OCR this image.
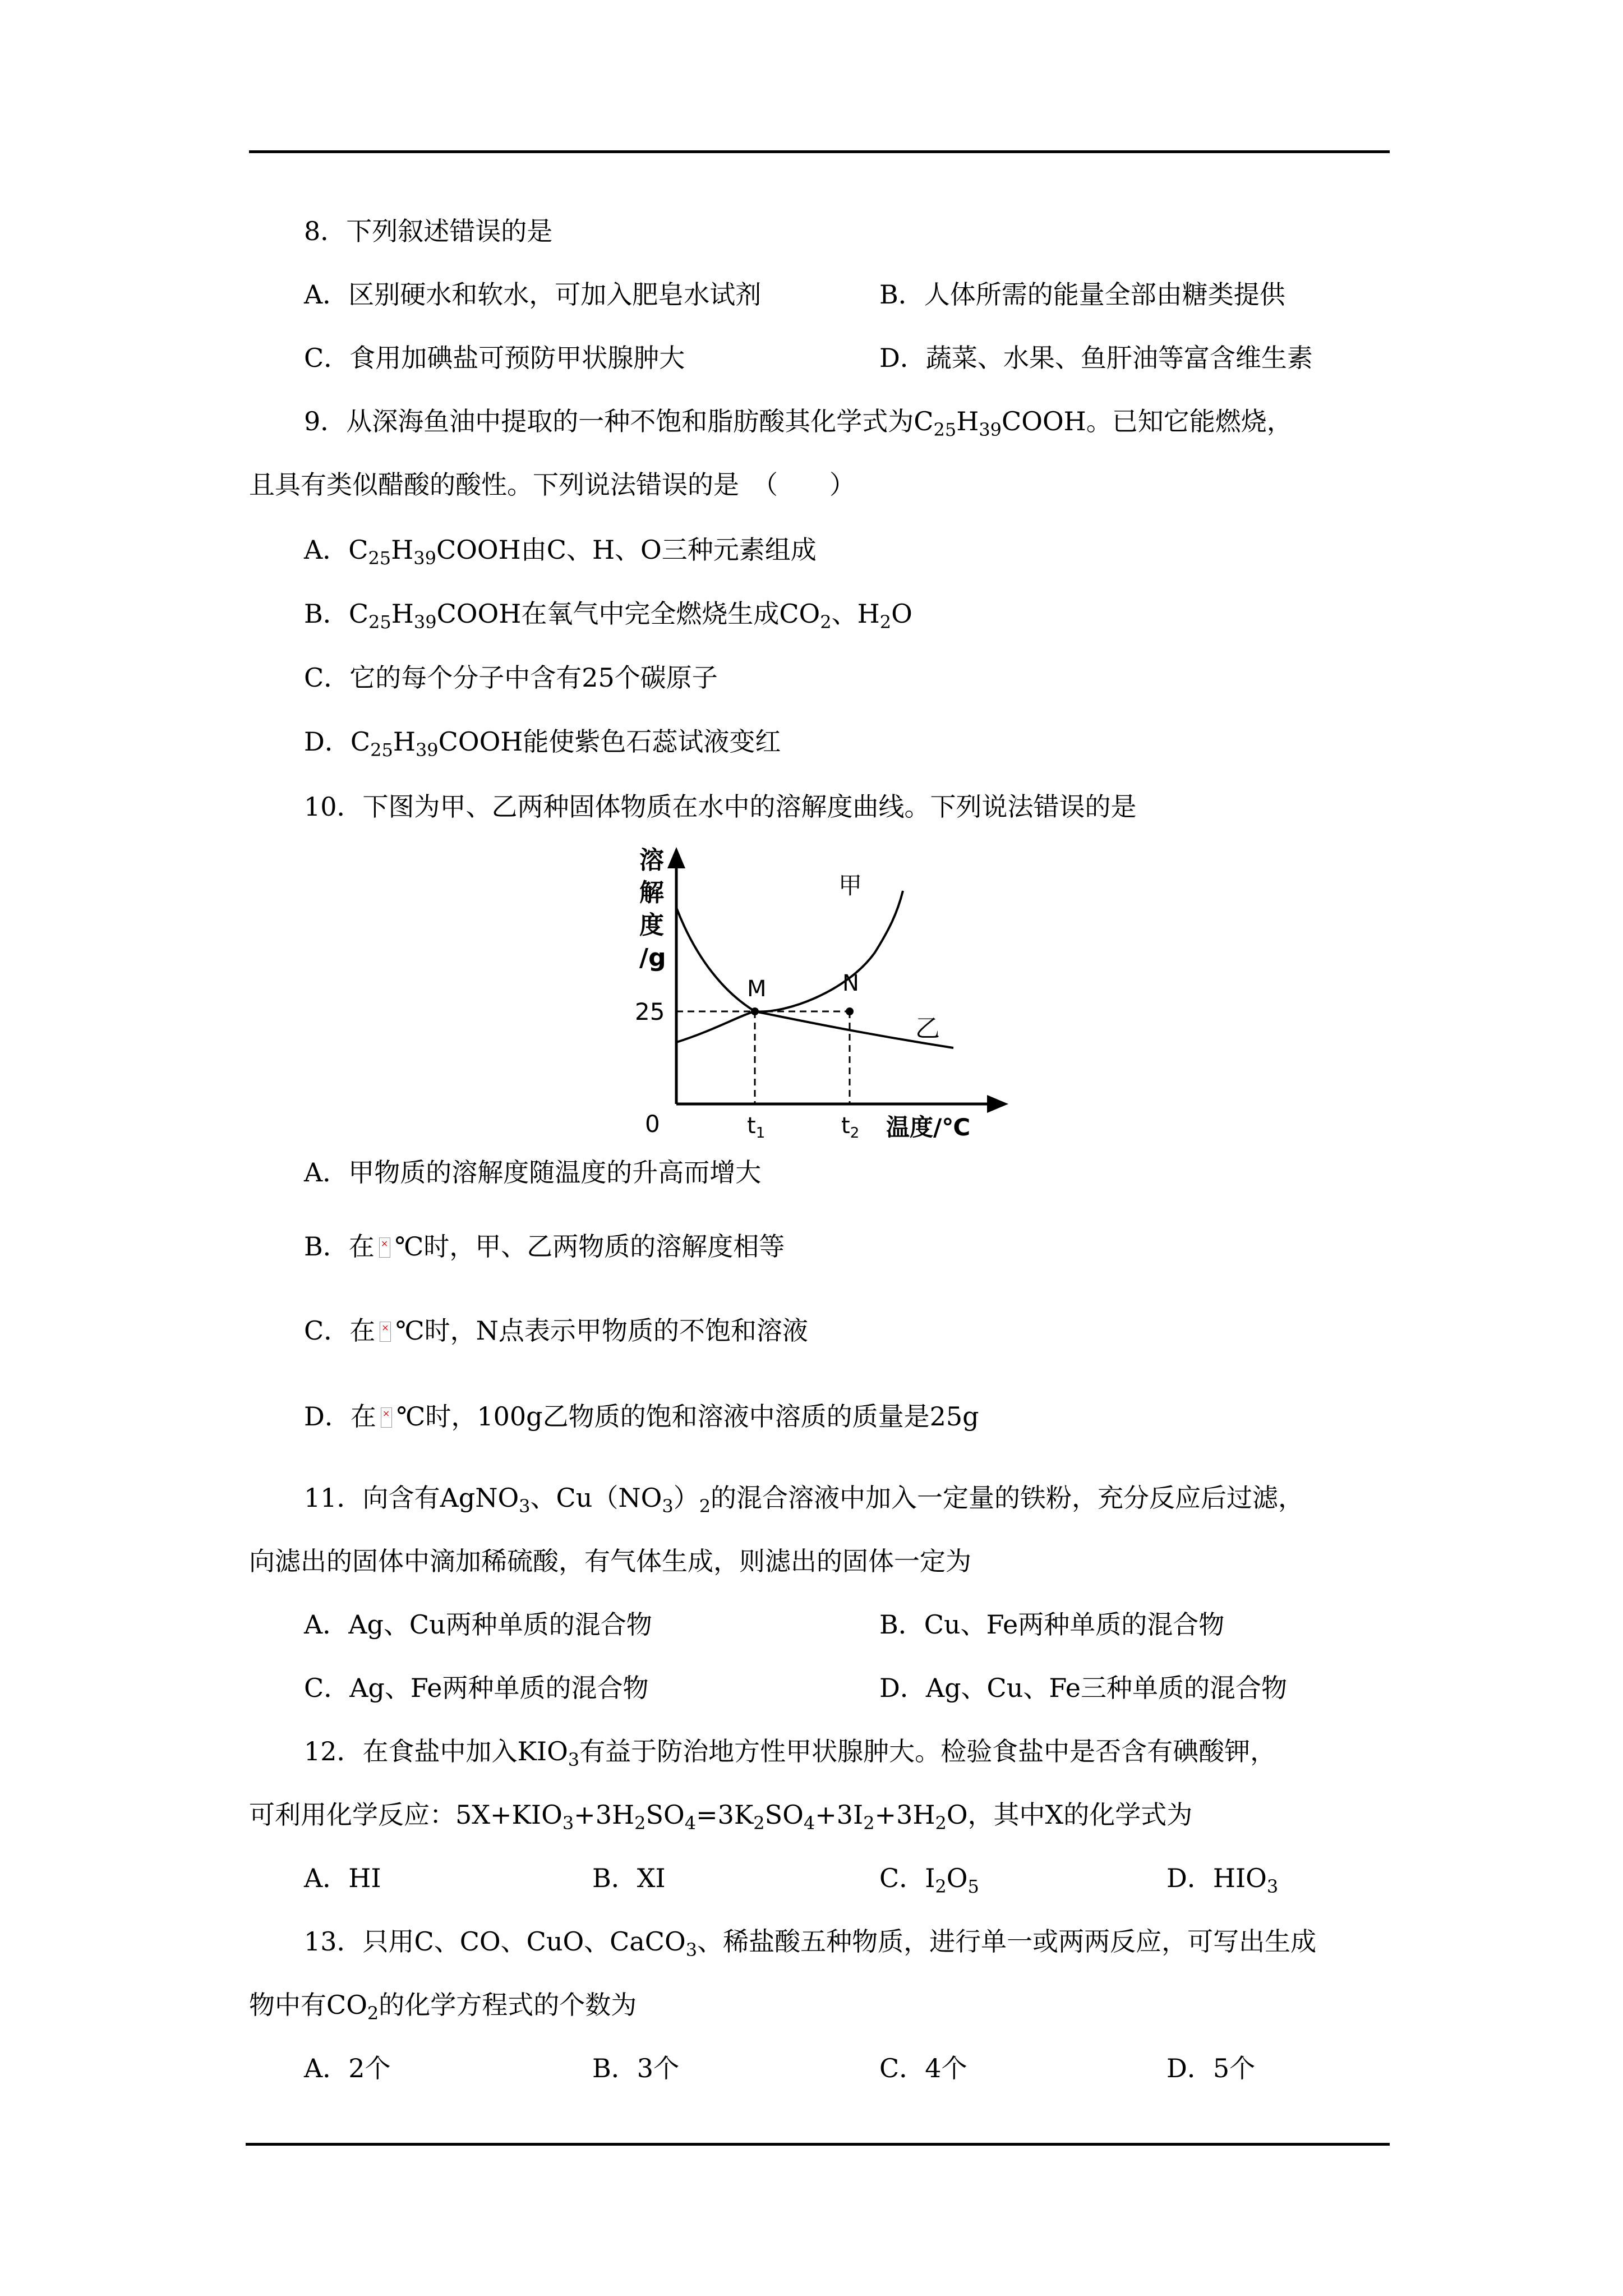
8．下列叙述错误的是
A．区别硬水和软水，可加入肥皂水试剂	B．人体所需的能量全部由糖类提供
C．食用加碘盐可预防甲状腺肿大	D．蔬菜、水果、鱼肝油等富含维生素
9．从深海鱼油中提取的一种不饱和脂肪酸其化学式为$C_{25}H_{39}COOH$。已知它能燃烧，
且具有类似醋酸的酸性。下列说法错误的是　（　　）
A．$C_{25}H_{39}COOH$由C、H、O三种元素组成
B．$C_{25}H_{39}COOH$在氧气中完全燃烧生成$CO_2$、$H_2O$
C．它的每个分子中含有25个碳原子
D．$C_{25}H_{39}COOH$能使紫色石蕊试液变红
10．下图为甲、乙两种固体物质在水中的溶解度曲线。下列说法错误的是
溶
解
度
/g
25
0	$t_1$	$t_2$ 温度/℃
M	N
甲
乙
A．甲物质的溶解度随温度的升高而增大
B．在 × ℃时，甲、乙两物质的溶解度相等
C．在 × ℃时，N点表示甲物质的不饱和溶液
D．在 × ℃时，100g乙物质的饱和溶液中溶质的质量是25g
11．向含有AgNO$_3$、$Cu(NO_3)_2$的混合溶液中加入一定量的铁粉，充分反应后过滤，
向滤出的固体中滴加稀硫酸，有气体生成，则滤出的固体一定为
A．Ag、Cu两种单质的混合物	B．Cu、Fe两种单质的混合物
C．Ag、Fe两种单质的混合物	D．Ag、Cu、Fe三种单质的混合物
12．在食盐中加入$KIO_3$有益于防治地方性甲状腺肿大。检验食盐中是否含有碘酸钾，
可利用化学反应：$5X+KIO_3+3H_2SO_4=3K_2SO_4+3I_2+3H_2O$，其中X的化学式为
A．HI	B．XI	C．$I_2O_5$	D．$HIO_3$
13．只用C、CO、CuO、CaCO$_3$、稀盐酸五种物质，进行单一或两两反应，可写出生成
物中有$CO_2$的化学方程式的个数为
A．2个	B．3个	C．4个	D．5个
